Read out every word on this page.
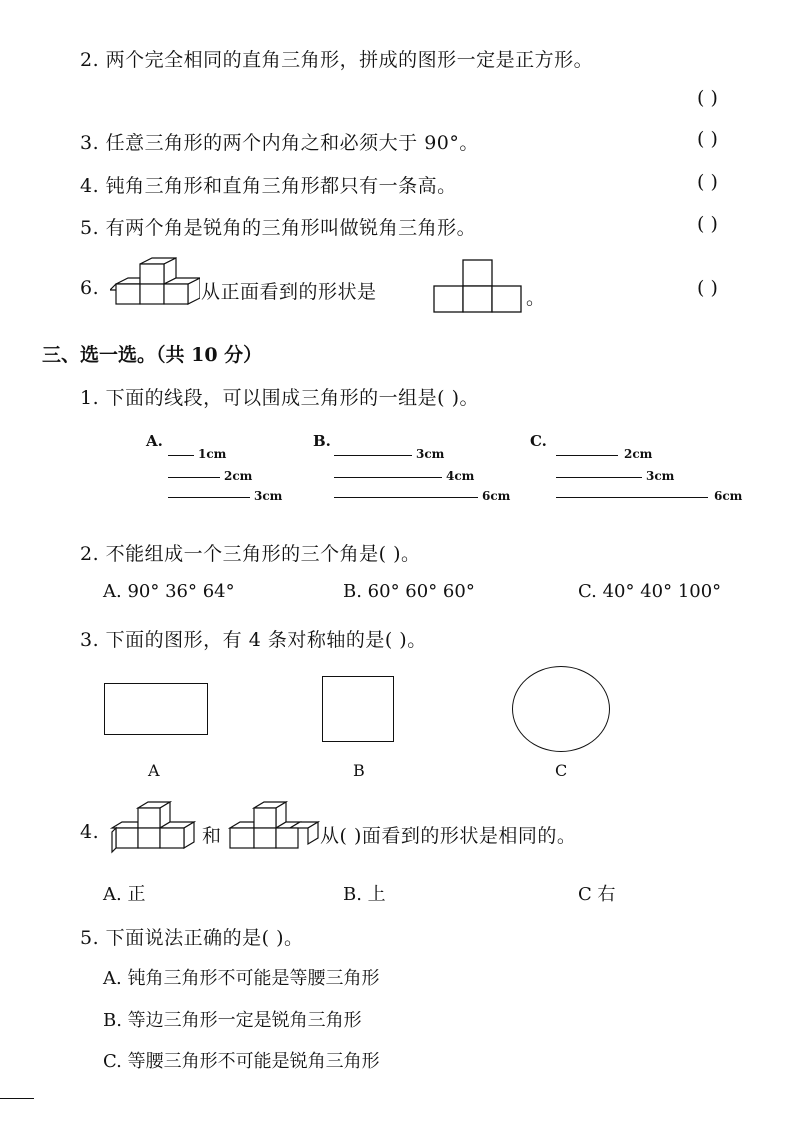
2. 两个完全相同的直角三角形，拼成的图形一定是正方形。
( )
3. 任意三角形的两个内角之和必须大于 90°。	( )
4. 钝角三角形和直角三角形都只有一条高。	( )
5. 有两个角是锐角的三角形叫做锐角三角形。	( )
6.	从正面看到的形状是	。	( )
三、选一选。（共 10 分）
1. 下面的线段，可以围成三角形的一组是( )。
A.
1cm
2cm
3cm
B.
3cm
4cm
6cm
C.
2cm
3cm
6cm
2. 不能组成一个三角形的三个角是( )。
A. 90° 36° 64°	B. 60° 60° 60°	C. 40° 40° 100°
3. 下面的图形，有 4 条对称轴的是( )。
A	B	C
4.	和	从( )面看到的形状是相同的。
A. 正	B. 上	C 右
5. 下面说法正确的是( )。
A. 钝角三角形不可能是等腰三角形
B. 等边三角形一定是锐角三角形
C. 等腰三角形不可能是锐角三角形
